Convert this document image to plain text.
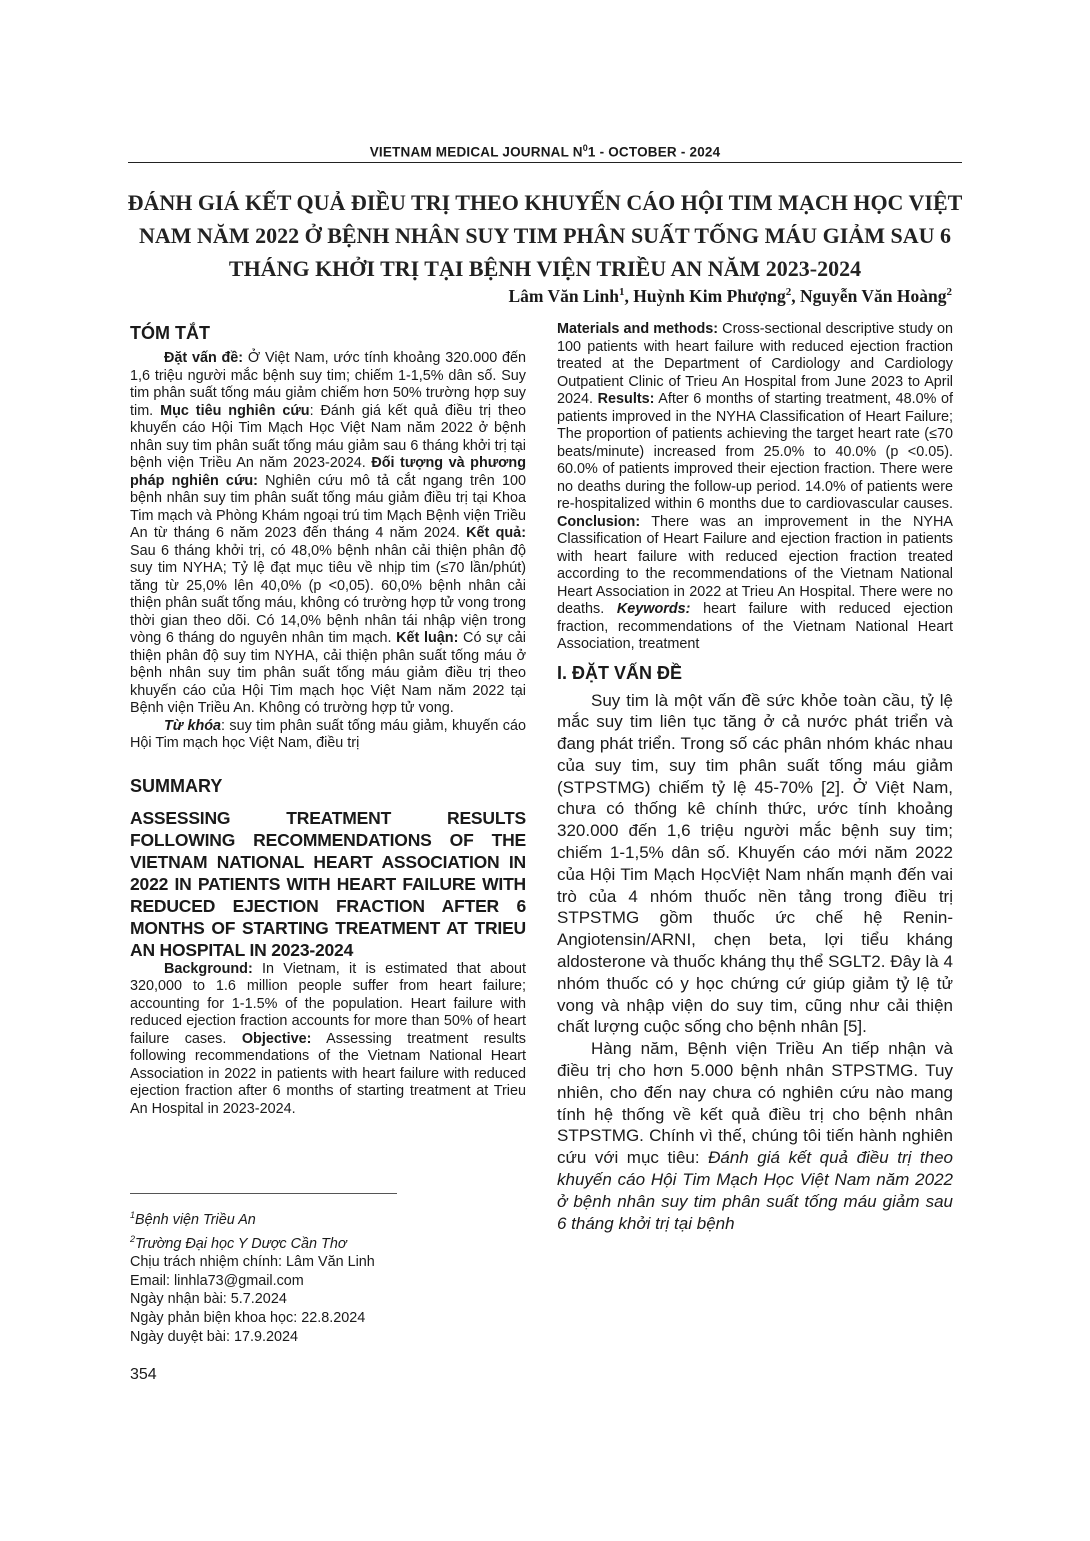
VIETNAM MEDICAL JOURNAL $N^01$ - OCTOBER - 2024
ĐÁNH GIÁ KẾT QUẢ ĐIỀU TRỊ THEO KHUYẾN CÁO HỘI TIM MẠCH HỌC VIỆT NAM NĂM 2022 Ở BỆNH NHÂN SUY TIM PHÂN SUẤT TỐNG MÁU GIẢM SAU 6 THÁNG KHỞI TRỊ TẠI BỆNH VIỆN TRIỀU AN NĂM 2023-2024
Lâm Văn Linh$^1$, Huỳnh Kim Phượng$^2$, Nguyễn Văn Hoàng$^2$
TÓM TẮT

Đặt vấn đề: Ở Việt Nam, ước tính khoảng 320.000 đến 1,6 triệu người mắc bệnh suy tim; chiếm 1-1,5% dân số. Suy tim phân suất tống máu giảm chiếm hơn 50% trường hợp suy tim. Mục tiêu nghiên cứu: Đánh giá kết quả điều trị theo khuyến cáo Hội Tim Mạch Học Việt Nam năm 2022 ở bệnh nhân suy tim phân suất tống máu giảm sau 6 tháng khởi trị tại bệnh viện Triều An năm 2023-2024. Đối tượng và phương pháp nghiên cứu: Nghiên cứu mô tả cắt ngang trên 100 bệnh nhân suy tim phân suất tống máu giảm điều trị tại Khoa Tim mạch và Phòng Khám ngoại trú tim Mạch Bệnh viện Triều An từ tháng 6 năm 2023 đến tháng 4 năm 2024. Kết quả: Sau 6 tháng khởi trị, có 48,0% bệnh nhân cải thiện phân độ suy tim NYHA; Tỷ lệ đạt mục tiêu về nhịp tim (≤70 lần/phút) tăng từ 25,0% lên 40,0% (p <0,05). 60,0% bệnh nhân cải thiện phân suất tống máu, không có trường hợp tử vong trong thời gian theo dõi. Có 14,0% bệnh nhân tái nhập viện trong vòng 6 tháng do nguyên nhân tim mạch. Kết luận: Có sự cải thiện phân độ suy tim NYHA, cải thiện phân suất tống máu ở bệnh nhân suy tim phân suất tống máu giảm điều trị theo khuyến cáo của Hội Tim mạch học Việt Nam năm 2022 tại Bệnh viện Triều An. Không có trường hợp tử vong.

Từ khóa: suy tim phân suất tống máu giảm, khuyến cáo Hội Tim mạch học Việt Nam, điều trị

SUMMARY

ASSESSING TREATMENT RESULTS FOLLOWING RECOMMENDATIONS OF THE VIETNAM NATIONAL HEART ASSOCIATION IN 2022 IN PATIENTS WITH HEART FAILURE WITH REDUCED EJECTION FRACTION AFTER 6 MONTHS OF STARTING TREATMENT AT TRIEU AN HOSPITAL IN 2023-2024

Background: In Vietnam, it is estimated that about 320,000 to 1.6 million people suffer from heart failure; accounting for 1-1.5% of the population. Heart failure with reduced ejection fraction accounts for more than 50% of heart failure cases. Objective: Assessing treatment results following recommendations of the Vietnam National Heart Association in 2022 in patients with heart failure with reduced ejection fraction after 6 months of starting treatment at Trieu An Hospital in 2023-2024.

$^1$Bệnh viện Triều An
$^2$Trường Đại học Y Dược Cần Thơ
Chịu trách nhiệm chính: Lâm Văn Linh
Email: linhla73@gmail.com
Ngày nhận bài: 5.7.2024
Ngày phản biện khoa học: 22.8.2024
Ngày duyệt bài: 17.9.2024
354

Materials and methods: Cross-sectional descriptive study on 100 patients with heart failure with reduced ejection fraction treated at the Department of Cardiology and Cardiology Outpatient Clinic of Trieu An Hospital from June 2023 to April 2024. Results: After 6 months of starting treatment, 48.0% of patients improved in the NYHA Classification of Heart Failure; The proportion of patients achieving the target heart rate (≤70 beats/minute) increased from 25.0% to 40.0% (p <0.05). 60.0% of patients improved their ejection fraction. There were no deaths during the follow-up period. 14.0% of patients were re-hospitalized within 6 months due to cardiovascular causes. Conclusion: There was an improvement in the NYHA Classification of Heart Failure and ejection fraction in patients with heart failure with reduced ejection fraction treated according to the recommendations of the Vietnam National Heart Association in 2022 at Trieu An Hospital. There were no deaths. Keywords: heart failure with reduced ejection fraction, recommendations of the Vietnam National Heart Association, treatment

I. ĐẶT VẤN ĐỀ

Suy tim là một vấn đề sức khỏe toàn cầu, tỷ lệ mắc suy tim liên tục tăng ở cả nước phát triển và đang phát triển. Trong số các phân nhóm khác nhau của suy tim, suy tim phân suất tống máu giảm (STPSTMG) chiếm tỷ lệ 45-70% [2]. Ở Việt Nam, chưa có thống kê chính thức, ước tính khoảng 320.000 đến 1,6 triệu người mắc bệnh suy tim; chiếm 1-1,5% dân số. Khuyến cáo mới năm 2022 của Hội Tim Mạch HọcViệt Nam nhấn mạnh đến vai trò của 4 nhóm thuốc nền tảng trong điều trị STPSTMG gồm thuốc ức chế hệ Renin-Angiotensin/ARNI, chẹn beta, lợi tiểu kháng aldosterone và thuốc kháng thụ thể SGLT2. Đây là 4 nhóm thuốc có y học chứng cứ giúp giảm tỷ lệ tử vong và nhập viện do suy tim, cũng như cải thiện chất lượng cuộc sống cho bệnh nhân [5].

Hàng năm, Bệnh viện Triều An tiếp nhận và điều trị cho hơn 5.000 bệnh nhân STPSTMG. Tuy nhiên, cho đến nay chưa có nghiên cứu nào mang tính hệ thống về kết quả điều trị cho bệnh nhân STPSTMG. Chính vì thế, chúng tôi tiến hành nghiên cứu với mục tiêu: Đánh giá kết quả điều trị theo khuyến cáo Hội Tim Mạch Học Việt Nam năm 2022 ở bệnh nhân suy tim phân suất tống máu giảm sau 6 tháng khởi trị tại bệnh
